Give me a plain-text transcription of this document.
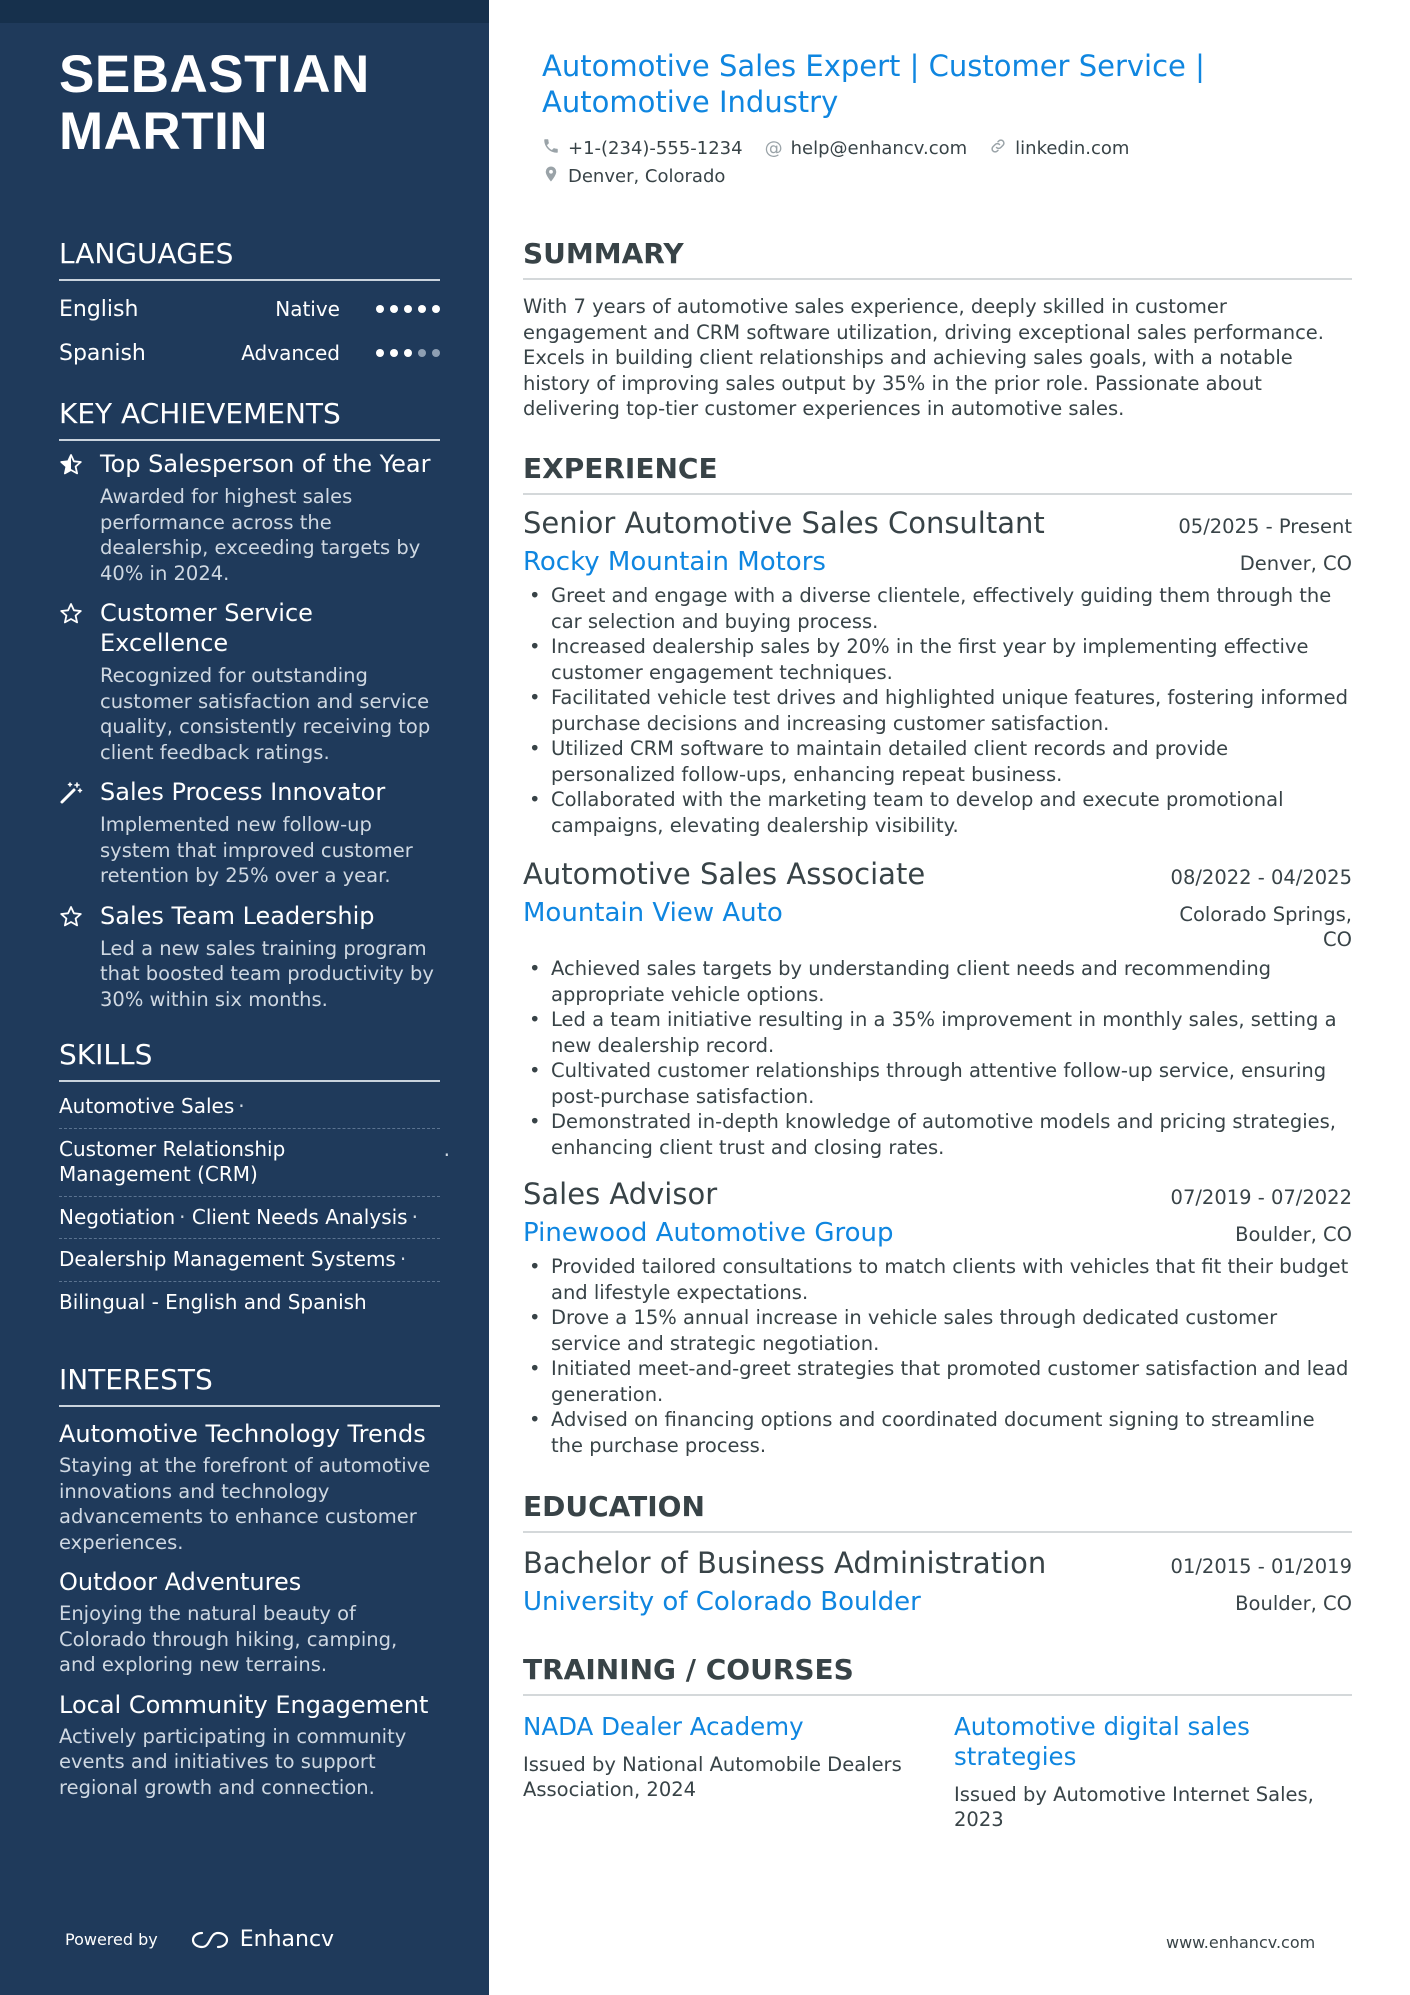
SEBASTIAN
MARTIN
LANGUAGES
English	Native
Spanish	Advanced
KEY ACHIEVEMENTS
Top Salesperson of the Year
Awarded for highest sales performance across the dealership, exceeding targets by 40% in 2024.
Customer Service Excellence
Recognized for outstanding customer satisfaction and service quality, consistently receiving top client feedback ratings.
Sales Process Innovator
Implemented new follow-up system that improved customer retention by 25% over a year.
Sales Team Leadership
Led a new sales training program that boosted team productivity by 30% within six months.
SKILLS
Automotive Sales ·
Customer Relationship Management (CRM)
·
Negotiation · Client Needs Analysis ·
Dealership Management Systems ·
Bilingual - English and Spanish
INTERESTS
Automotive Technology Trends
Staying at the forefront of automotive innovations and technology advancements to enhance customer experiences.
Outdoor Adventures
Enjoying the natural beauty of Colorado through hiking, camping, and exploring new terrains.
Local Community Engagement
Actively participating in community events and initiatives to support regional growth and connection.
Powered by	Enhancv
Automotive Sales Expert | Customer Service | Automotive Industry
+1-(234)-555-1234 @ help@enhancv.com	linkedin.com
Denver, Colorado
SUMMARY

With 7 years of automotive sales experience, deeply skilled in customer engagement and CRM software utilization, driving exceptional sales performance. Excels in building client relationships and achieving sales goals, with a notable history of improving sales output by 35% in the prior role. Passionate about delivering top-tier customer experiences in automotive sales.

EXPERIENCE
Senior Automotive Sales Consultant	05/2025 - Present
Rocky Mountain Motors	Denver, CO
• Greet and engage with a diverse clientele, effectively guiding them through the car selection and buying process.
• Increased dealership sales by 20% in the first year by implementing effective customer engagement techniques.
• Facilitated vehicle test drives and highlighted unique features, fostering informed purchase decisions and increasing customer satisfaction.
• Utilized CRM software to maintain detailed client records and provide personalized follow-ups, enhancing repeat business.
• Collaborated with the marketing team to develop and execute promotional campaigns, elevating dealership visibility.
Automotive Sales Associate	08/2022 - 04/2025
Mountain View Auto	Colorado Springs, CO
• Achieved sales targets by understanding client needs and recommending appropriate vehicle options.
• Led a team initiative resulting in a 35% improvement in monthly sales, setting a new dealership record.
• Cultivated customer relationships through attentive follow-up service, ensuring post-purchase satisfaction.
• Demonstrated in-depth knowledge of automotive models and pricing strategies, enhancing client trust and closing rates.
Sales Advisor	07/2019 - 07/2022
Pinewood Automotive Group	Boulder, CO
• Provided tailored consultations to match clients with vehicles that fit their budget and lifestyle expectations.
• Drove a 15% annual increase in vehicle sales through dedicated customer service and strategic negotiation.
• Initiated meet-and-greet strategies that promoted customer satisfaction and lead generation.
• Advised on financing options and coordinated document signing to streamline the purchase process.
EDUCATION
Bachelor of Business Administration	01/2015 - 01/2019
University of Colorado Boulder	Boulder, CO
TRAINING / COURSES
NADA Dealer Academy
Issued by National Automobile Dealers Association, 2024
Automotive digital sales strategies
Issued by Automotive Internet Sales, 2023
www.enhancv.com
